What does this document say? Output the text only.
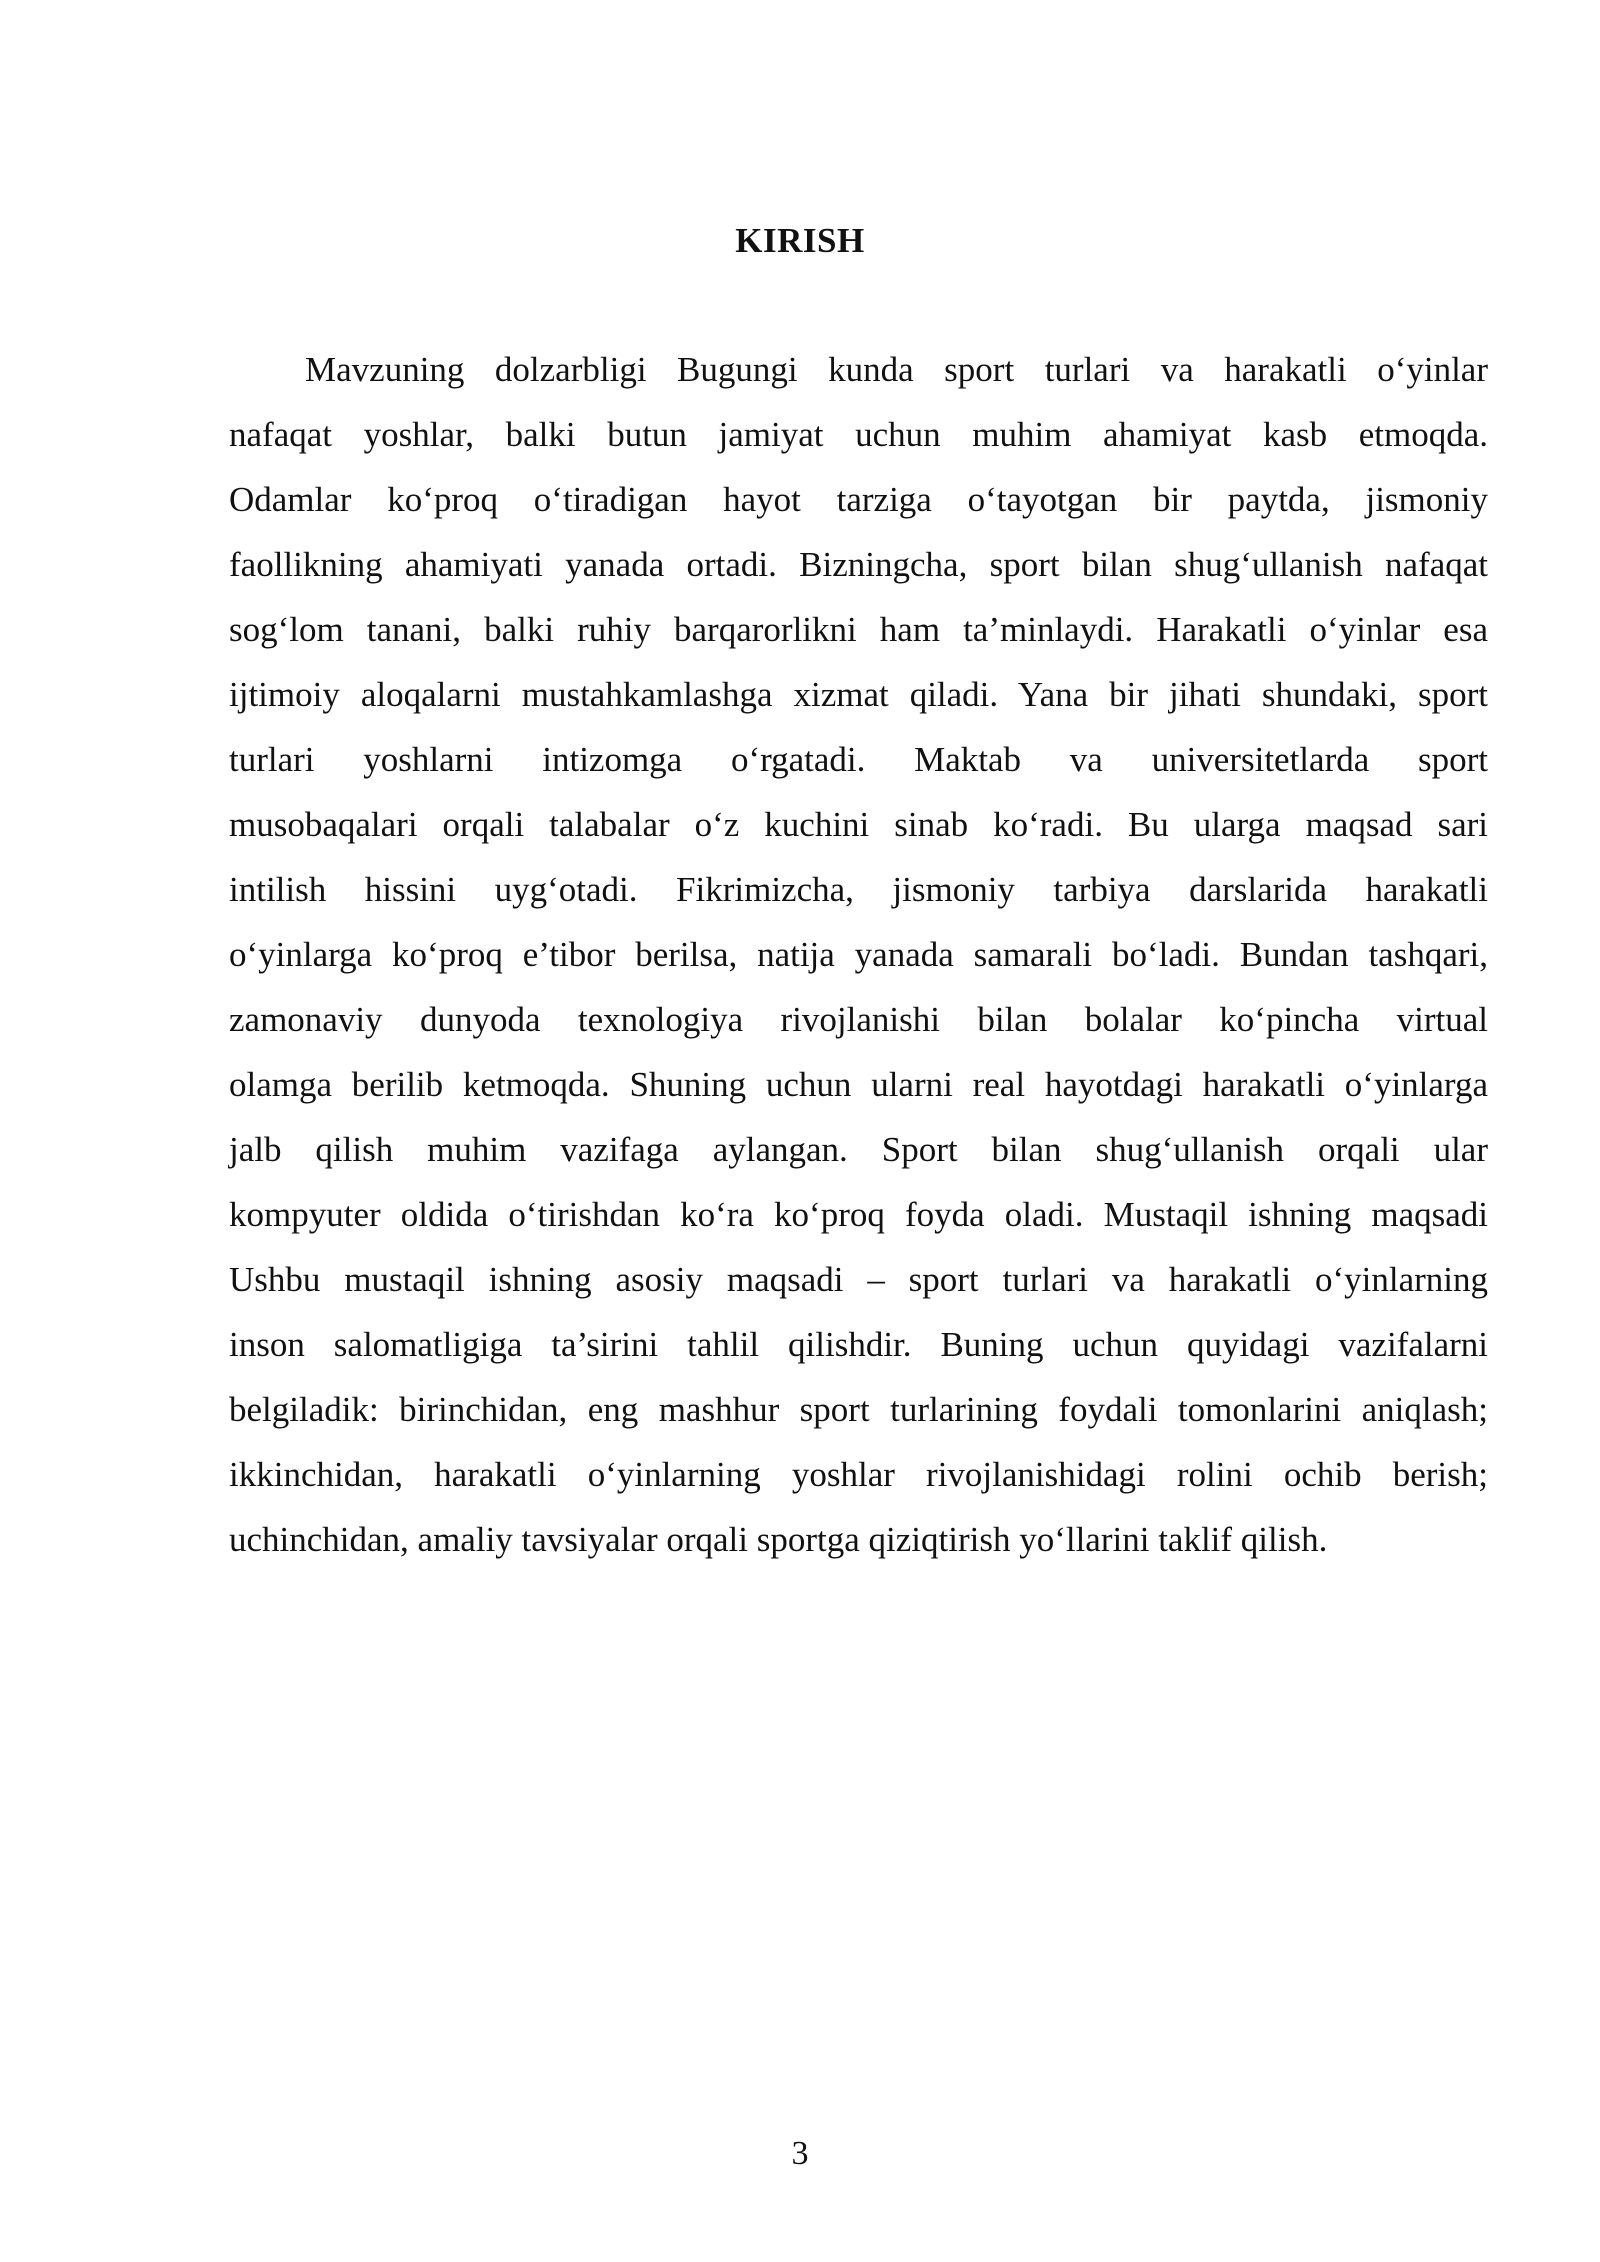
KIRISH
Mavzuning dolzarbligi Bugungi kunda sport turlari va harakatli o‘yinlar
nafaqat yoshlar, balki butun jamiyat uchun muhim ahamiyat kasb etmoqda.
Odamlar ko‘proq o‘tiradigan hayot tarziga o‘tayotgan bir paytda, jismoniy
faollikning ahamiyati yanada ortadi. Bizningcha, sport bilan shug‘ullanish nafaqat
sog‘lom tanani, balki ruhiy barqarorlikni ham ta’minlaydi. Harakatli o‘yinlar esa
ijtimoiy aloqalarni mustahkamlashga xizmat qiladi. Yana bir jihati shundaki, sport
turlari yoshlarni intizomga o‘rgatadi. Maktab va universitetlarda sport
musobaqalari orqali talabalar o‘z kuchini sinab ko‘radi. Bu ularga maqsad sari
intilish hissini uyg‘otadi. Fikrimizcha, jismoniy tarbiya darslarida harakatli
o‘yinlarga ko‘proq e’tibor berilsa, natija yanada samarali bo‘ladi. Bundan tashqari,
zamonaviy dunyoda texnologiya rivojlanishi bilan bolalar ko‘pincha virtual
olamga berilib ketmoqda. Shuning uchun ularni real hayotdagi harakatli o‘yinlarga
jalb qilish muhim vazifaga aylangan. Sport bilan shug‘ullanish orqali ular
kompyuter oldida o‘tirishdan ko‘ra ko‘proq foyda oladi. Mustaqil ishning maqsadi
Ushbu mustaqil ishning asosiy maqsadi – sport turlari va harakatli o‘yinlarning
inson salomatligiga ta’sirini tahlil qilishdir. Buning uchun quyidagi vazifalarni
belgiladik: birinchidan, eng mashhur sport turlarining foydali tomonlarini aniqlash;
ikkinchidan, harakatli o‘yinlarning yoshlar rivojlanishidagi rolini ochib berish;
uchinchidan, amaliy tavsiyalar orqali sportga qiziqtirish yo‘llarini taklif qilish.
3
